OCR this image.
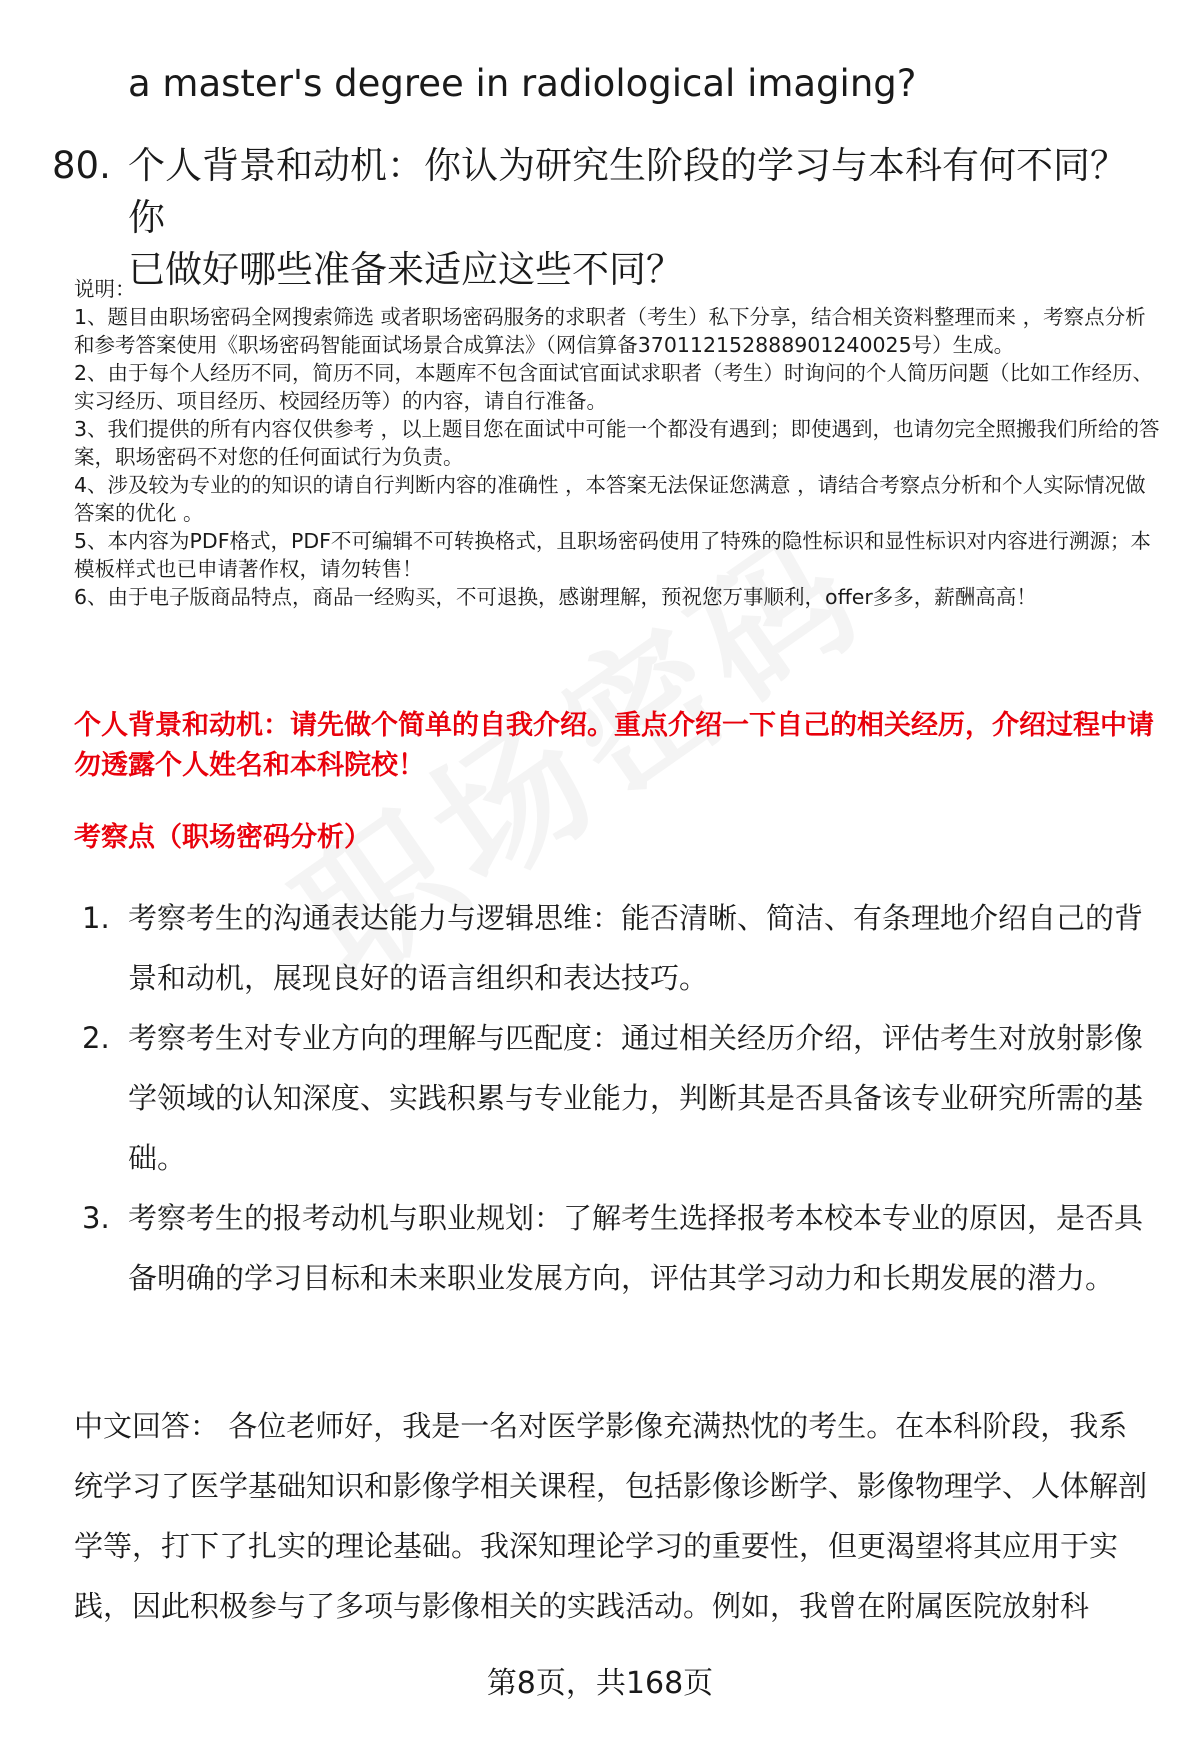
a master's degree in radiological imaging?
80. 个人背景和动机：你认为研究生阶段的学习与本科有何不同？你
已做好哪些准备来适应这些不同？

说明：

1、题目由职场密码全网搜索筛选 或者职场密码服务的求职者（考生）私下分享，结合相关资料整理而来 ，考察点分析和参考答案使用《职场密码智能面试场景合成算法》（网信算备370112152888901240025号）生成。

2、由于每个人经历不同，简历不同，本题库不包含面试官面试求职者（考生）时询问的个人简历问题（比如工作经历、实习经历、项目经历、校园经历等）的内容，请自行准备。

3、我们提供的所有内容仅供参考 ，以上题目您在面试中可能一个都没有遇到；即使遇到，也请勿完全照搬我们所给的答案，职场密码不对您的任何面试行为负责。

4、涉及较为专业的的知识的请自行判断内容的准确性 ，本答案无法保证您满意 ，请结合考察点分析和个人实际情况做答案的优化 。

5、本内容为PDF格式，PDF不可编辑不可转换格式，且职场密码使用了特殊的隐性标识和显性标识对内容进行溯源；本模板样式也已申请著作权，请勿转售！

6、由于电子版商品特点，商品一经购买，不可退换，感谢理解，预祝您万事顺利，offer多多，薪酬高高！

个人背景和动机：请先做个简单的自我介绍。重点介绍一下自己的相关经历，介绍过程中请勿透露个人姓名和本科院校！
考察点（职场密码分析）
1. 考察考生的沟通表达能力与逻辑思维：能否清晰、简洁、有条理地介绍自己的背景和动机，展现良好的语言组织和表达技巧。
2. 考察考生对专业方向的理解与匹配度：通过相关经历介绍，评估考生对放射影像学领域的认知深度、实践积累与专业能力，判断其是否具备该专业研究所需的基础。
3. 考察考生的报考动机与职业规划：了解考生选择报考本校本专业的原因，是否具备明确的学习目标和未来职业发展方向，评估其学习动力和长期发展的潜力。
中文回答： 各位老师好，我是一名对医学影像充满热忱的考生。在本科阶段，我系统学习了医学基础知识和影像学相关课程，包括影像诊断学、影像物理学、人体解剖学等，打下了扎实的理论基础。我深知理论学习的重要性，但更渴望将其应用于实践，因此积极参与了多项与影像相关的实践活动。例如，我曾在附属医院放射科
第8页，共168页
